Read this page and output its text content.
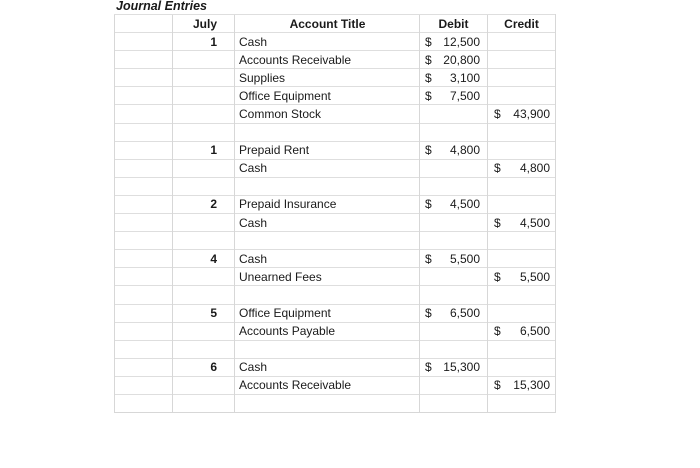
Journal Entries
	July	Account Title	Debit	Credit
	1	Cash	$ 12,500	

		Accounts Receivable	$ 20,800	

		Supplies	$ 3,100	

		Office Equipment	$ 7,500	

		Common Stock		$ 43,900

	1	Prepaid Rent	$ 4,800	

		Cash		$ 4,800

	2	Prepaid Insurance	$ 4,500	

		Cash		$ 4,500

	4	Cash	$ 5,500	

		Unearned Fees		$ 5,500

	5	Office Equipment	$ 6,500	

		Accounts Payable		$ 6,500

	6	Cash	$ 15,300	

		Accounts Receivable		$ 15,300
